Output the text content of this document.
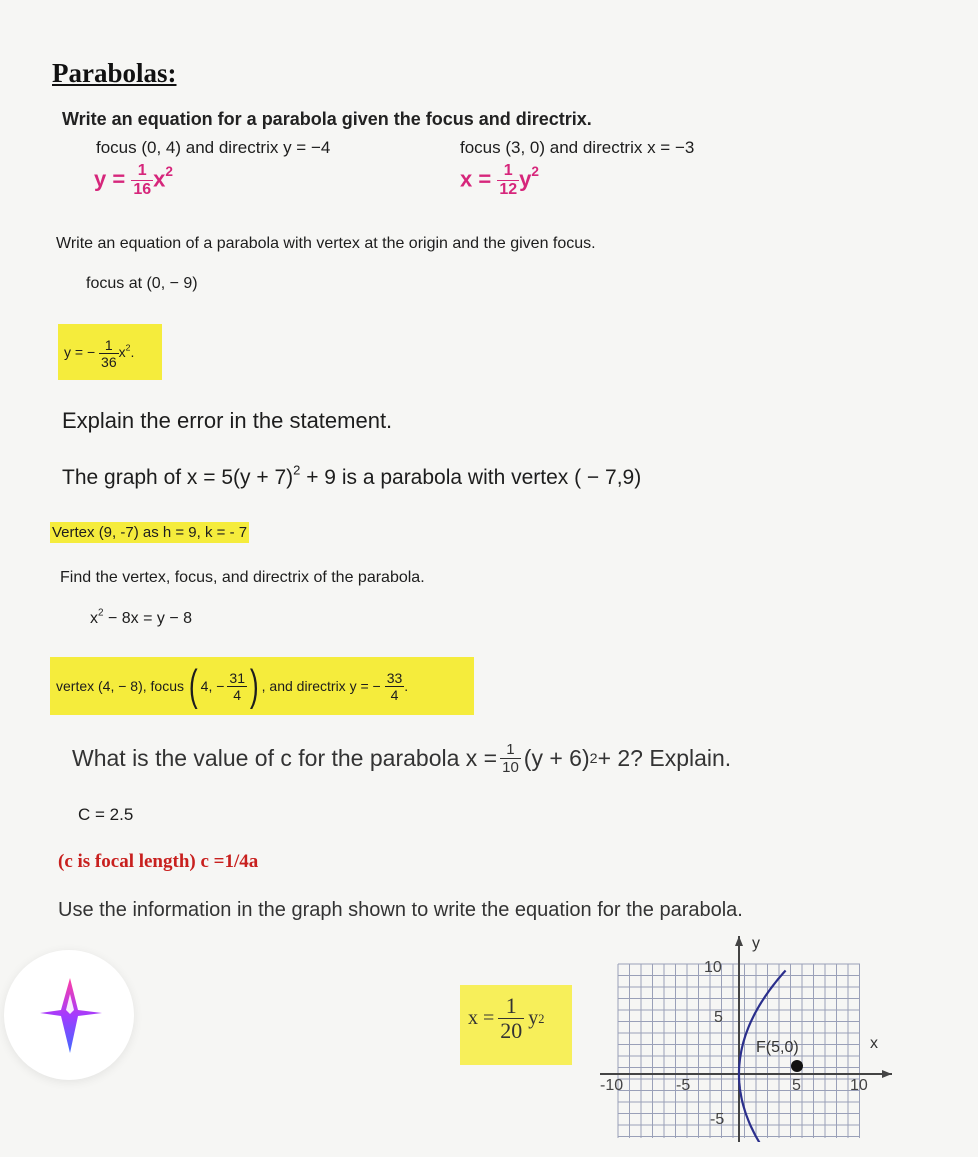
Parabolas:
Write an equation for a parabola given the focus and directrix.
focus (0, 4) and directrix y = −4	focus (3, 0) and directrix x = −3
$y = \frac{1}{16} x^2$	$x = \frac{1}{12} y^2$
Write an equation of a parabola with vertex at the origin and the given focus.
focus at (0, − 9)
y = − $\frac{1}{36} x^2$.
Explain the error in the statement.
The graph of $x = 5(y + 7)^2 + 9$ is a parabola with vertex ( − 7,9)
Vertex (9, -7) as h = 9, k = - 7
Find the vertex, focus, and directrix of the parabola.
$x^2 - 8x = y - 8$
vertex (4, − 8), focus ( 4, − $\frac{31}{4}$ ) , and directrix y = − $\frac{33}{4}$ .
What is the value of c for the parabola $x = \frac{1}{10} (y + 6) 2 + 2$? Explain.
C = 2.5
(c is focal length) c =1/4a
Use the information in the graph shown to write the equation for the parabola.
$x = \frac{1}{20}$ y 2
y
x
F(5,0)
10
5
-10	-5	5	10
-5
